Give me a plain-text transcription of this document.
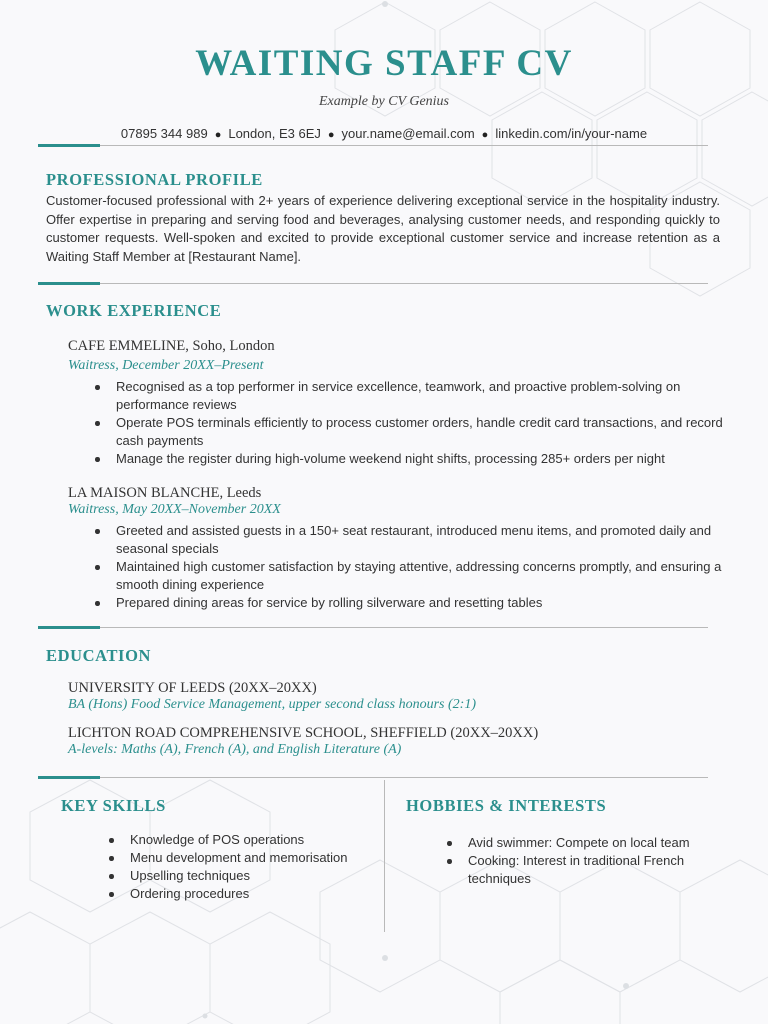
WAITING STAFF CV
Example by CV Genius
07895 344 989 ● London, E3 6EJ ● your.name@email.com ● linkedin.com/in/your-name
PROFESSIONAL PROFILE
Customer-focused professional with 2+ years of experience delivering exceptional service in the hospitality industry. Offer expertise in preparing and serving food and beverages, analysing customer needs, and responding quickly to customer requests. Well-spoken and excited to provide exceptional customer service and increase retention as a Waiting Staff Member at [Restaurant Name].
WORK EXPERIENCE
CAFE EMMELINE, Soho, London
Waitress, December 20XX–Present
Recognised as a top performer in service excellence, teamwork, and proactive problem-solving on performance reviews
Operate POS terminals efficiently to process customer orders, handle credit card transactions, and record cash payments
Manage the register during high-volume weekend night shifts, processing 285+ orders per night
LA MAISON BLANCHE, Leeds
Waitress, May 20XX–November 20XX
Greeted and assisted guests in a 150+ seat restaurant, introduced menu items, and promoted daily and seasonal specials
Maintained high customer satisfaction by staying attentive, addressing concerns promptly, and ensuring a smooth dining experience
Prepared dining areas for service by rolling silverware and resetting tables
EDUCATION
UNIVERSITY OF LEEDS (20XX–20XX)
BA (Hons) Food Service Management, upper second class honours (2:1)
LICHTON ROAD COMPREHENSIVE SCHOOL, SHEFFIELD (20XX–20XX)
A-levels: Maths (A), French (A), and English Literature (A)
KEY SKILLS
Knowledge of POS operations
Menu development and memorisation
Upselling techniques
Ordering procedures
HOBBIES & INTERESTS
Avid swimmer: Compete on local team
Cooking: Interest in traditional French techniques
